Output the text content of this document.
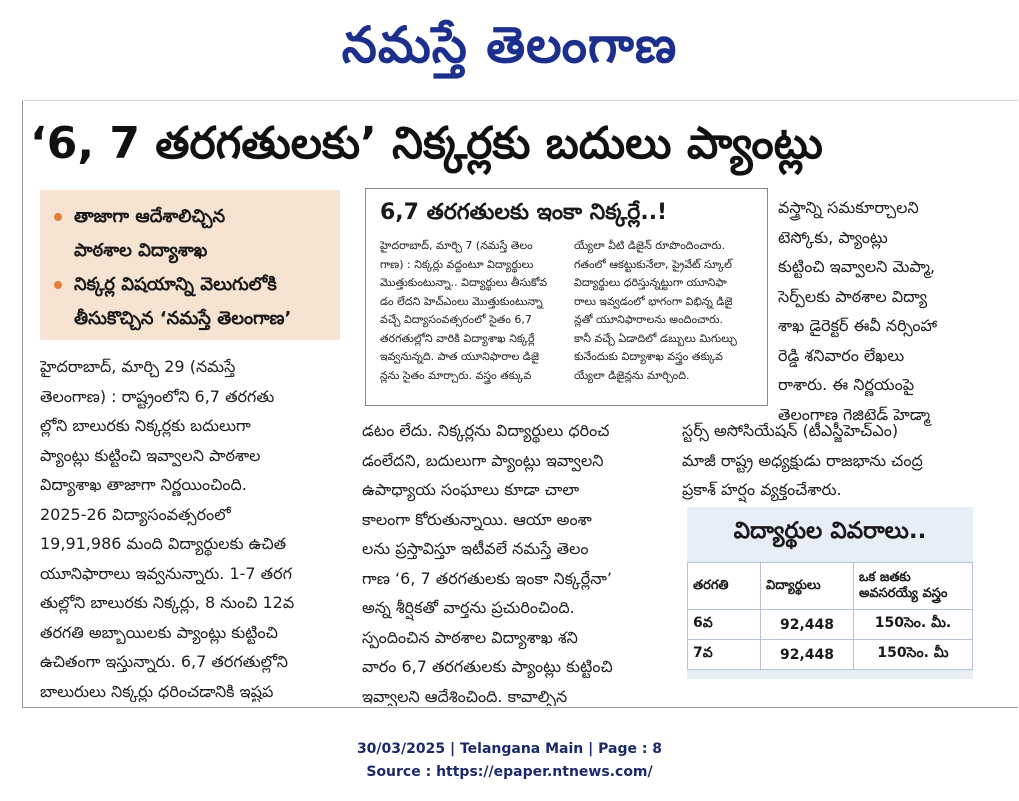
నమస్తే తెలంగాణ
‘6, 7 తరగతులకు’ నిక్కర్లకు బదులు ప్యాంట్లు
తాజాగా ఆదేశాలిచ్చిన
పాఠశాల విద్యాశాఖ
నిక్కర్ల విషయాన్ని వెలుగులోకి
తీసుకొచ్చిన ‘నమస్తే తెలంగాణ’
హైదరాబాద్, మార్చి 29 (నమస్తే
తెలంగాణ) : రాష్ట్రంలోని 6,7 తరగతు
ల్లోని బాలురకు నిక్కర్లకు బదులుగా
ప్యాంట్లు కుట్టించి ఇవ్వాలని పాఠశాల
విద్యాశాఖ తాజాగా నిర్ణయించింది.
2025-26 విద్యాసంవత్సరంలో
19,91,986 మంది విద్యార్థులకు ఉచిత
యూనిఫారాలు ఇవ్వనున్నారు. 1-7 తరగ
తుల్లోని బాలురకు నిక్కర్లు, 8 నుంచి 12వ
తరగతి అబ్బాయిలకు ప్యాంట్లు కుట్టించి
ఉచితంగా ఇస్తున్నారు. 6,7 తరగతుల్లోని
బాలురులు నిక్కర్లు ధరించడానికి ఇష్టప
6,7 తరగతులకు ఇంకా నిక్కర్లే..!
హైదరాబాద్, మార్చి 7 (నమస్తే తెలం
గాణ) : నిక్కర్లు వద్దంటూ విద్యార్థులు
మొత్తుకుంటున్నా.. విద్యార్థులు తీసుకోవ
డం లేదని హెచ్ఎంలు మొత్తుకుంటున్నా
వచ్చే విద్యాసంవత్సరంలో సైతం 6,7
తరగతుల్లోని వారికి విద్యాశాఖ నిక్కర్లే
ఇవ్వనున్నది. పాత యూనిఫారాల డిజై
న్లను సైతం మార్చారు. వస్త్రం తక్కువ
య్యేలా వీటి డిజైన్ రూపొందించారు.
గతంలో ఆకట్టుకునేలా, ప్రైవేట్ స్కూల్
విద్యార్థులు ధరిస్తున్నట్టుగా యూనిఫా
రాలు ఇవ్వడంలో భాగంగా విభిన్న డిజై
న్లతో యూనిఫారాలను అందించారు.
కానీ వచ్చే ఏడాదిలో డబ్బులు మిగుల్చు
కునేందుకు విద్యాశాఖ వస్త్రం తక్కువ
య్యేలా డిజైన్లను మార్చింది.
డటం లేదు. నిక్కర్లను విద్యార్థులు ధరించ
డంలేదని, బదులుగా ప్యాంట్లు ఇవ్వాలని
ఉపాధ్యాయ సంఘాలు కూడా చాలా
కాలంగా కోరుతున్నాయి. ఆయా అంశా
లను ప్రస్తావిస్తూ ఇటీవలే నమస్తే తెలం
గాణ ‘6, 7 తరగతులకు ఇంకా నిక్కర్లేనా’
అన్న శీర్షికతో వార్తను ప్రచురించింది.
స్పందించిన పాఠశాల విద్యాశాఖ శని
వారం 6,7 తరగతులకు ప్యాంట్లు కుట్టించి
ఇవ్వాలని ఆదేశించింది. కావాల్సిన
వస్త్రాన్ని సమకూర్చాలని
టెస్కోకు, ప్యాంట్లు
కుట్టించి ఇవ్వాలని మెప్మా,
సెర్ప్‌లకు పాఠశాల విద్యా
శాఖ డైరెక్టర్ ఈవీ నర్సింహా
రెడ్డి శనివారం లేఖలు
రాశారు. ఈ నిర్ణయంపై
తెలంగాణ గెజిటెడ్ హెడ్మా
స్టర్స్ అసోసియేషన్ (టీఎస్జీహెచ్ఎం)
మాజీ రాష్ట్ర అధ్యక్షుడు రాజభాను చంద్ర
ప్రకాశ్ హర్షం వ్యక్తంచేశారు.
విద్యార్థుల వివరాలు..
తరగతి	విద్యార్థులు	ఒక జతకు
అవసరయ్యే వస్త్రం
6వ	92,448	150సెం. మీ.
7వ	92,448	150సెం. మీ
30/03/2025 | Telangana Main | Page : 8
Source : https://epaper.ntnews.com/
